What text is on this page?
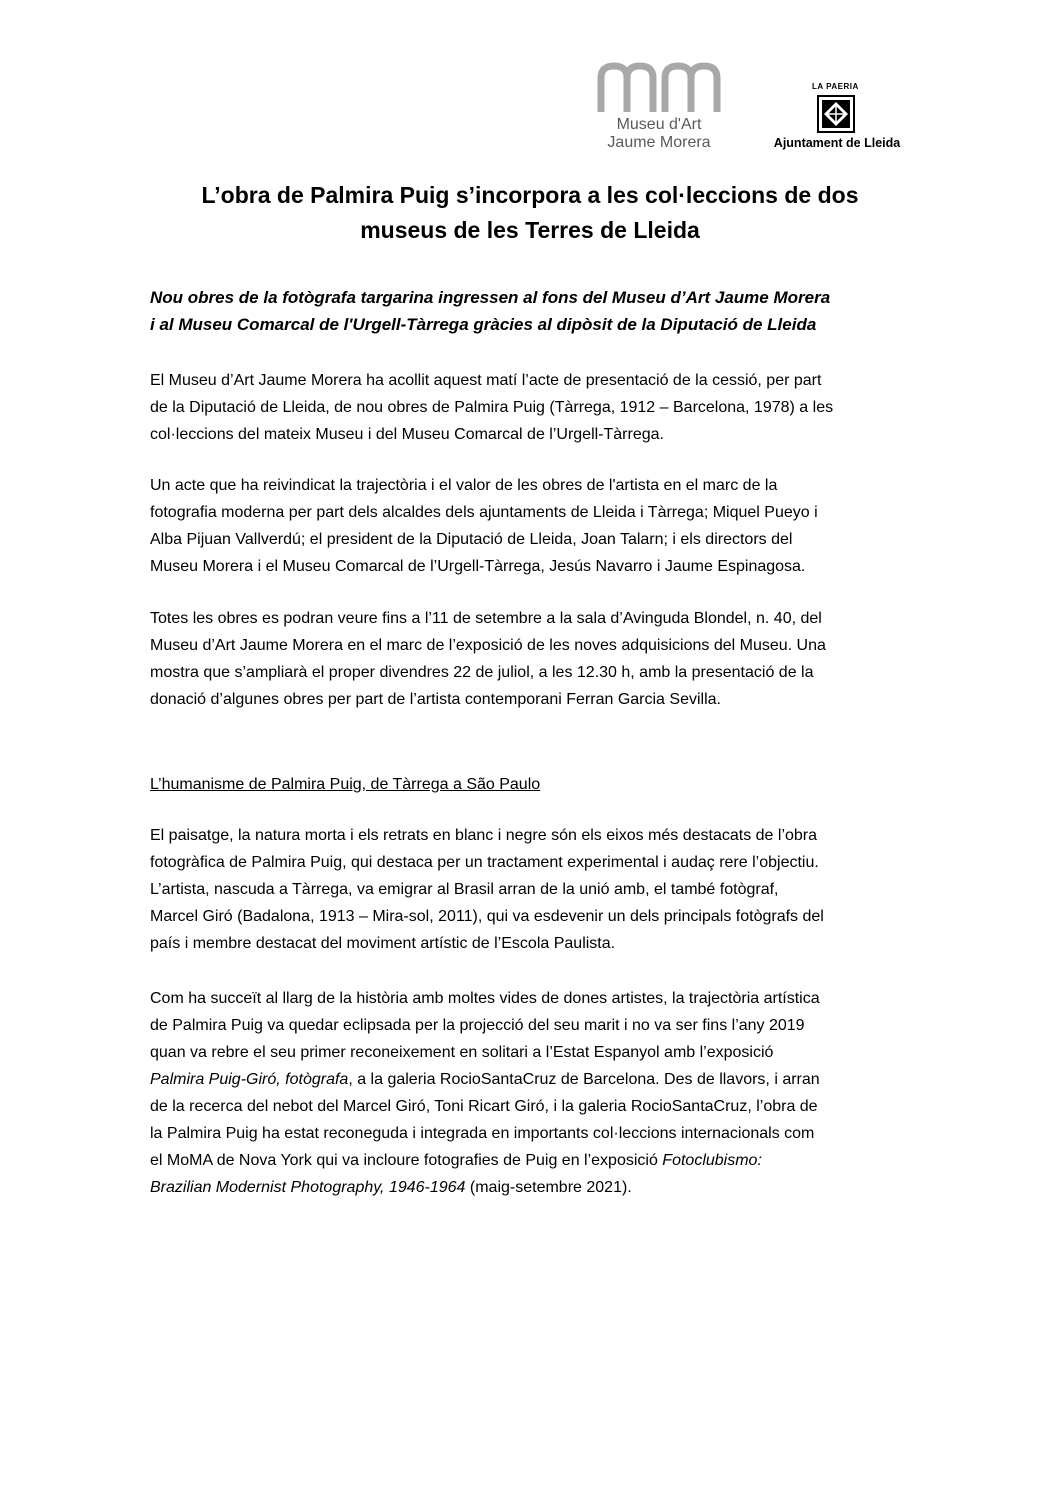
Museu d'Art
Jaume Morera
LA PAERIA
Ajuntament de Lleida
L’obra de Palmira Puig s’incorpora a les col·leccions de dos
museus de les Terres de Lleida
Nou obres de la fotògrafa targarina ingressen al fons del Museu d’Art Jaume Morera
i al Museu Comarcal de l'Urgell-Tàrrega gràcies al dipòsit de la Diputació de Lleida
El Museu d’Art Jaume Morera ha acollit aquest matí l’acte de presentació de la cessió, per part
de la Diputació de Lleida, de nou obres de Palmira Puig (Tàrrega, 1912 – Barcelona, 1978) a les
col·leccions del mateix Museu i del Museu Comarcal de l’Urgell-Tàrrega.
Un acte que ha reivindicat la trajectòria i el valor de les obres de l'artista en el marc de la
fotografia moderna per part dels alcaldes dels ajuntaments de Lleida i Tàrrega; Miquel Pueyo i
Alba Pijuan Vallverdú; el president de la Diputació de Lleida, Joan Talarn; i els directors del
Museu Morera i el Museu Comarcal de l’Urgell-Tàrrega, Jesús Navarro i Jaume Espinagosa.
Totes les obres es podran veure fins a l’11 de setembre a la sala d’Avinguda Blondel, n. 40, del
Museu d’Art Jaume Morera en el marc de l’exposició de les noves adquisicions del Museu. Una
mostra que s’ampliarà el proper divendres 22 de juliol, a les 12.30 h, amb la presentació de la
donació d’algunes obres per part de l’artista contemporani Ferran Garcia Sevilla.
L’humanisme de Palmira Puig, de Tàrrega a São Paulo
El paisatge, la natura morta i els retrats en blanc i negre són els eixos més destacats de l’obra
fotogràfica de Palmira Puig, qui destaca per un tractament experimental i audaç rere l’objectiu.
L’artista, nascuda a Tàrrega, va emigrar al Brasil arran de la unió amb, el també fotògraf,
Marcel Giró (Badalona, 1913 – Mira-sol, 2011), qui va esdevenir un dels principals fotògrafs del
país i membre destacat del moviment artístic de l’Escola Paulista.
Com ha succeït al llarg de la història amb moltes vides de dones artistes, la trajectòria artística
de Palmira Puig va quedar eclipsada per la projecció del seu marit i no va ser fins l’any 2019
quan va rebre el seu primer reconeixement en solitari a l’Estat Espanyol amb l’exposició
Palmira Puig-Giró, fotògrafa, a la galeria RocioSantaCruz de Barcelona. Des de llavors, i arran
de la recerca del nebot del Marcel Giró, Toni Ricart Giró, i la galeria RocioSantaCruz, l’obra de
la Palmira Puig ha estat reconeguda i integrada en importants col·leccions internacionals com
el MoMA de Nova York qui va incloure fotografies de Puig en l’exposició Fotoclubismo:
Brazilian Modernist Photography, 1946-1964 (maig-setembre 2021).
